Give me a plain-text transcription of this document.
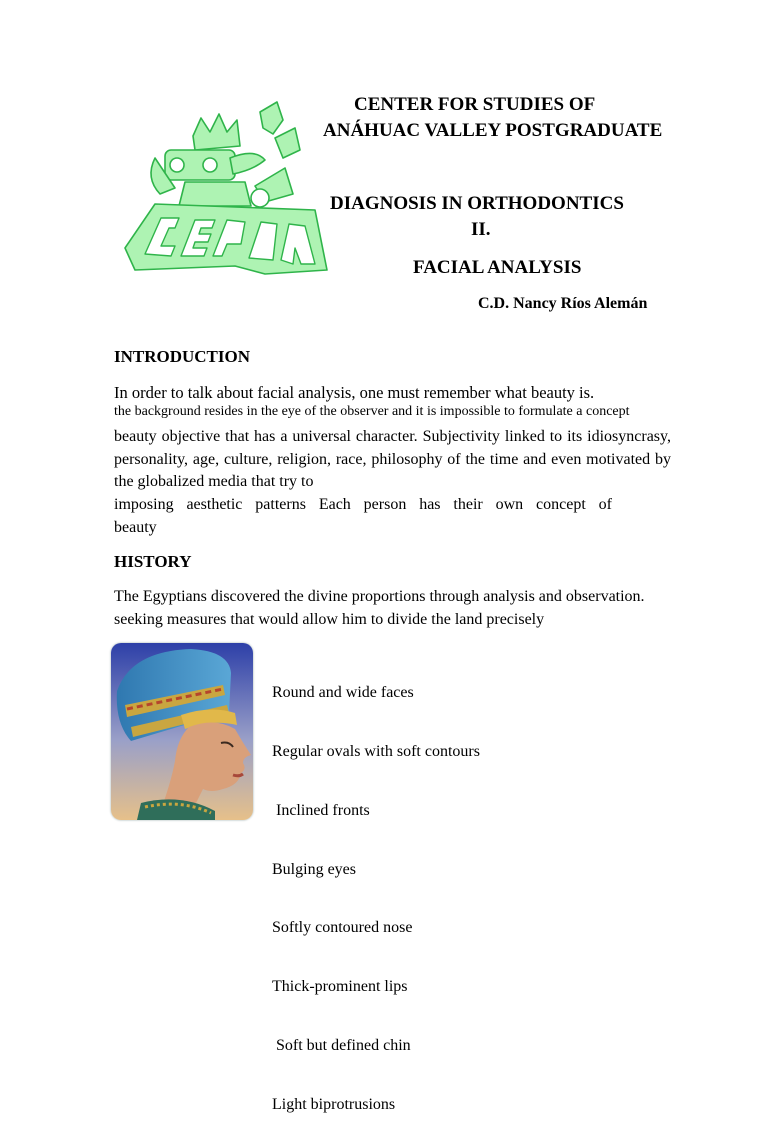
CEPDVA	CENTER FOR STUDIES OF
ANÁHUAC VALLEY POSTGRADUATE
DIAGNOSIS IN ORTHODONTICS
II.
FACIAL ANALYSIS
C.D. Nancy Ríos Alemán
INTRODUCTION
In order to talk about facial analysis, one must remember what beauty is.
the background resides in the eye of the observer and it is impossible to formulate a concept
beauty objective that has a universal character. Subjectivity linked to its idiosyncrasy, personality, age, culture, religion, race, philosophy of the time and even motivated by the globalized media that try to
imposing aesthetic patterns Each person has their own concept of
beauty
HISTORY
The Egyptians discovered the divine proportions through analysis and observation.
seeking measures that would allow him to divide the land precisely

Round and wide faces

Regular ovals with soft contours

Inclined fronts

Bulging eyes

Softly contoured nose

Thick-prominent lips

Soft but defined chin

Light biprotrusions
